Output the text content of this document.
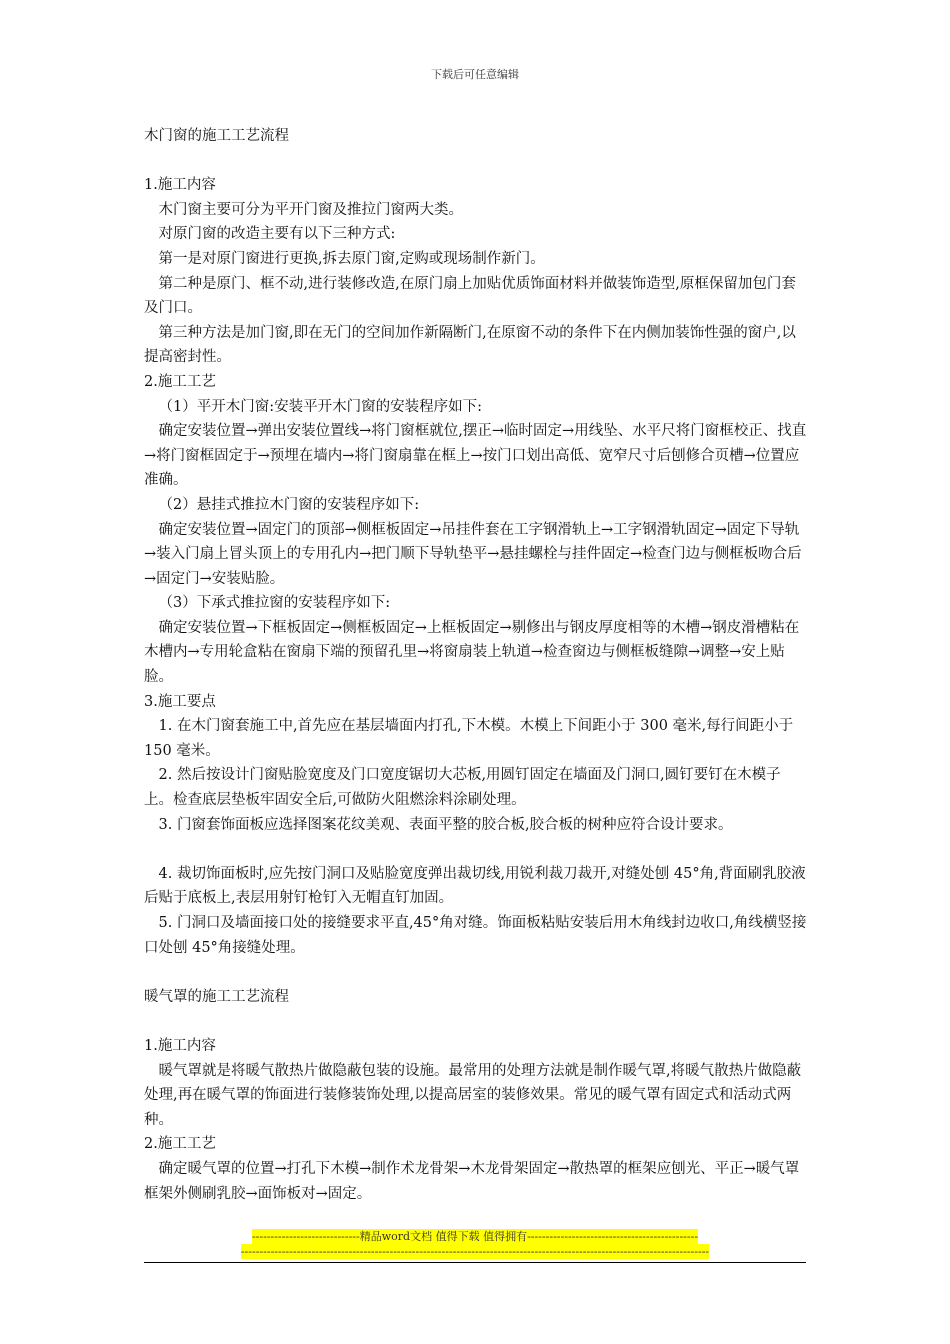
下载后可任意编辑

木门窗的施工工艺流程

1.施工内容

木门窗主要可分为平开门窗及推拉门窗两大类。

对原门窗的改造主要有以下三种方式:

第一是对原门窗进行更换,拆去原门窗,定购或现场制作新门。

第二种是原门、框不动,进行装修改造,在原门扇上加贴优质饰面材料并做装饰造型,原框保留加包门套及门口。

第三种方法是加门窗,即在无门的空间加作新隔断门,在原窗不动的条件下在内侧加装饰性强的窗户,以提高密封性。

2.施工工艺

（1）平开木门窗:安装平开木门窗的安装程序如下:

确定安装位置→弹出安装位置线→将门窗框就位,摆正→临时固定→用线坠、水平尺将门窗框校正、找直→将门窗框固定于→预埋在墙内→将门窗扇靠在框上→按门口划出高低、宽窄尺寸后刨修合页槽→位置应准确。

（2）悬挂式推拉木门窗的安装程序如下:

确定安装位置→固定门的顶部→侧框板固定→吊挂件套在工字钢滑轨上→工字钢滑轨固定→固定下导轨→装入门扇上冒头顶上的专用孔内→把门顺下导轨垫平→悬挂螺栓与挂件固定→检查门边与侧框板吻合后→固定门→安装贴脸。

（3）下承式推拉窗的安装程序如下:

确定安装位置→下框板固定→侧框板固定→上框板固定→剔修出与钢皮厚度相等的木槽→钢皮滑槽粘在木槽内→专用轮盒粘在窗扇下端的预留孔里→将窗扇装上轨道→检查窗边与侧框板缝隙→调整→安上贴脸。

3.施工要点

1. 在木门窗套施工中,首先应在基层墙面内打孔,下木模。木模上下间距小于 300 毫米,每行间距小于 150 毫米。

2. 然后按设计门窗贴脸宽度及门口宽度锯切大芯板,用圆钉固定在墙面及门洞口,圆钉要钉在木模子上。检查底层垫板牢固安全后,可做防火阻燃涂料涂刷处理。

3. 门窗套饰面板应选择图案花纹美观、表面平整的胶合板,胶合板的树种应符合设计要求。

4. 裁切饰面板时,应先按门洞口及贴脸宽度弹出裁切线,用锐利裁刀裁开,对缝处刨 45°角,背面刷乳胶液后贴于底板上,表层用射钉枪钉入无帽直钉加固。

5. 门洞口及墙面接口处的接缝要求平直,45°角对缝。饰面板粘贴安装后用木角线封边收口,角线横竖接口处刨 45°角接缝处理。

暖气罩的施工工艺流程

1.施工内容

暖气罩就是将暖气散热片做隐蔽包装的设施。最常用的处理方法就是制作暖气罩,将暖气散热片做隐蔽处理,再在暖气罩的饰面进行装修装饰处理,以提高居室的装修效果。常见的暖气罩有固定式和活动式两种。

2.施工工艺

确定暖气罩的位置→打孔下木模→制作术龙骨架→木龙骨架固定→散热罩的框架应刨光、平正→暖气罩框架外侧刷乳胶→面饰板对→固定。

-----------------------------精品word文档 值得下载 值得拥有----------------------------------------------
------------------------------------------------------------------------------------------------------------------------------
